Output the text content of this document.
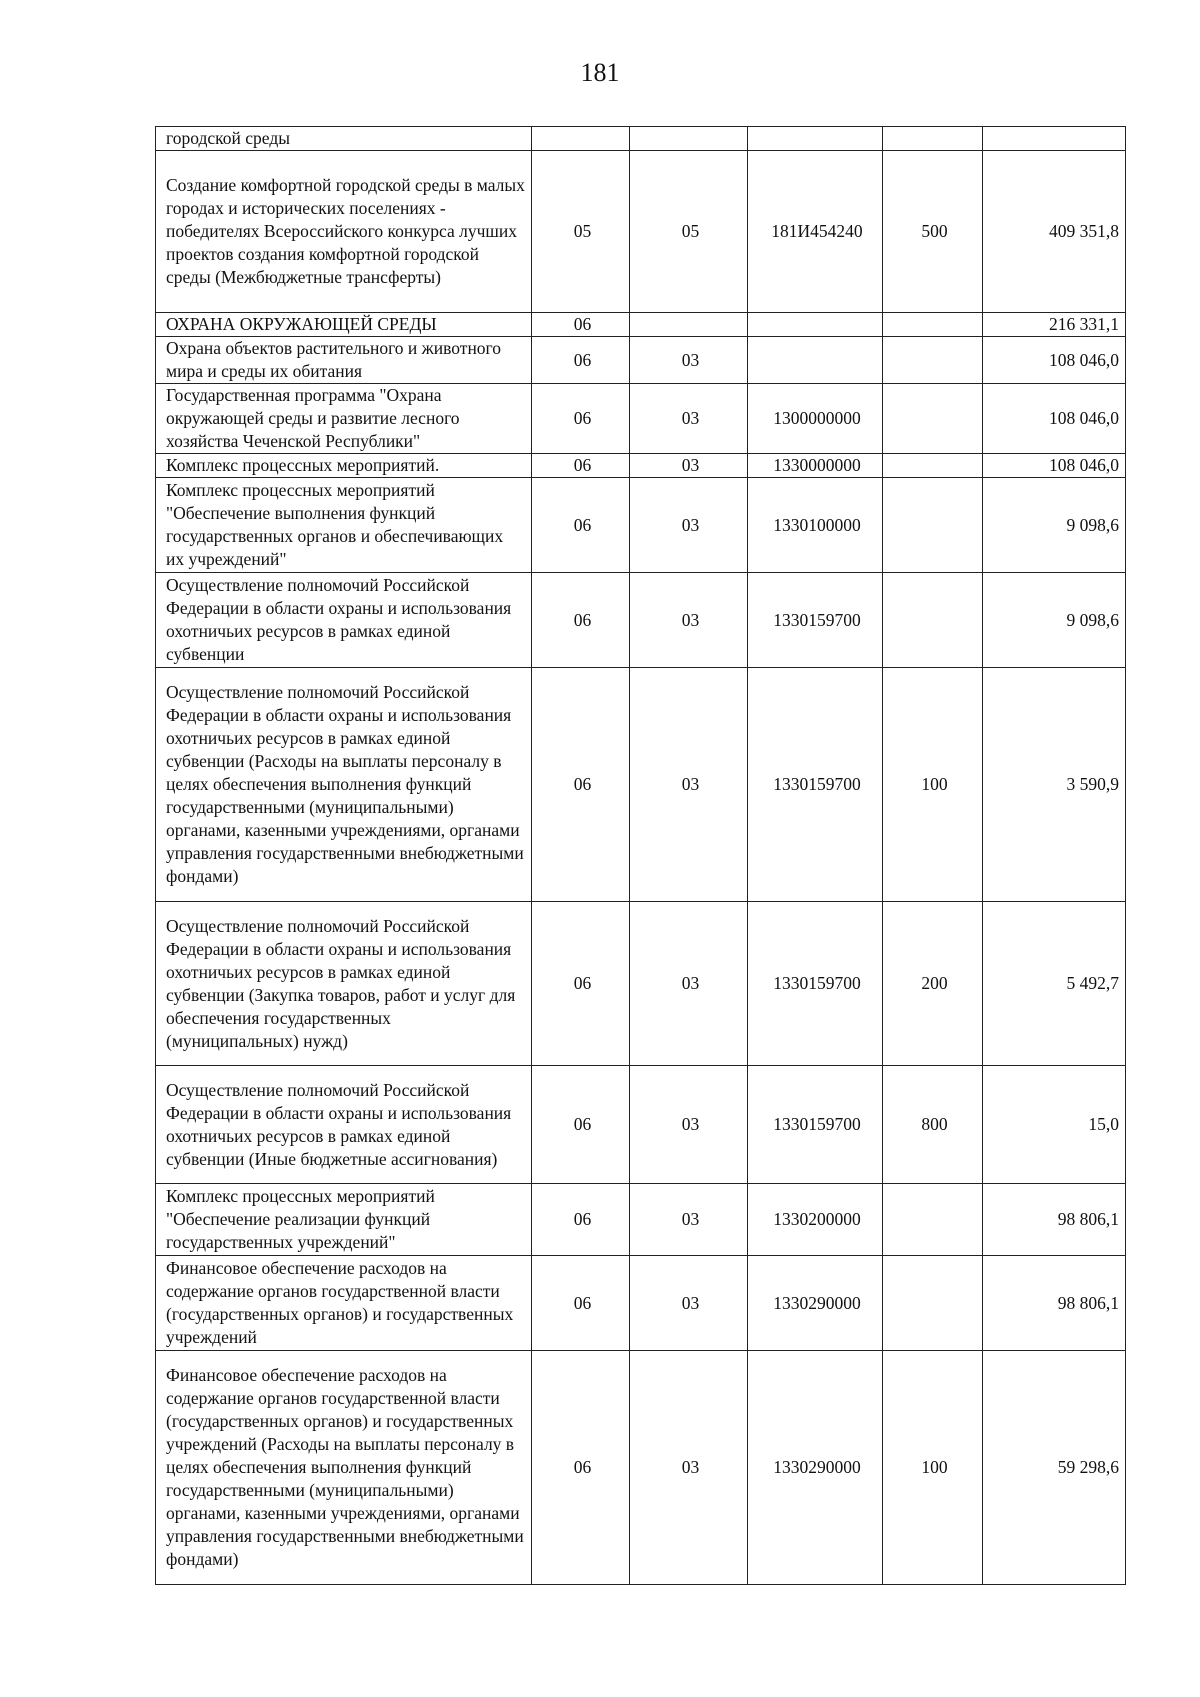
181
городской среды					
Создание комфортной городской среды в малых городах и исторических поселениях - победителях Всероссийского конкурса лучших проектов создания комфортной городской среды (Межбюджетные трансферты)	05	05	181И454240	500	409 351,8
ОХРАНА ОКРУЖАЮЩЕЙ СРЕДЫ	06				216 331,1
Охрана объектов растительного и животного мира и среды их обитания	06	03			108 046,0
Государственная программа "Охрана окружающей среды и развитие лесного хозяйства Чеченской Республики"	06	03	1300000000		108 046,0
Комплекс процессных мероприятий.	06	03	1330000000		108 046,0
Комплекс процессных мероприятий "Обеспечение выполнения функций государственных органов и обеспечивающих их учреждений"	06	03	1330100000		9 098,6
Осуществление полномочий Российской Федерации в области охраны и использования охотничьих ресурсов в рамках единой субвенции	06	03	1330159700		9 098,6
Осуществление полномочий Российской Федерации в области охраны и использования охотничьих ресурсов в рамках единой субвенции (Расходы на выплаты персоналу в целях обеспечения выполнения функций государственными (муниципальными) органами, казенными учреждениями, органами управления государственными внебюджетными фондами)	06	03	1330159700	100	3 590,9
Осуществление полномочий Российской Федерации в области охраны и использования охотничьих ресурсов в рамках единой субвенции (Закупка товаров, работ и услуг для обеспечения государственных (муниципальных) нужд)	06	03	1330159700	200	5 492,7
Осуществление полномочий Российской Федерации в области охраны и использования охотничьих ресурсов в рамках единой субвенции (Иные бюджетные ассигнования)	06	03	1330159700	800	15,0
Комплекс процессных мероприятий "Обеспечение реализации функций государственных учреждений"	06	03	1330200000		98 806,1
Финансовое обеспечение расходов на содержание органов государственной власти (государственных органов) и государственных учреждений	06	03	1330290000		98 806,1
Финансовое обеспечение расходов на содержание органов государственной власти (государственных органов) и государственных учреждений (Расходы на выплаты персоналу в целях обеспечения выполнения функций государственными (муниципальными) органами, казенными учреждениями, органами управления государственными внебюджетными фондами)	06	03	1330290000	100	59 298,6
